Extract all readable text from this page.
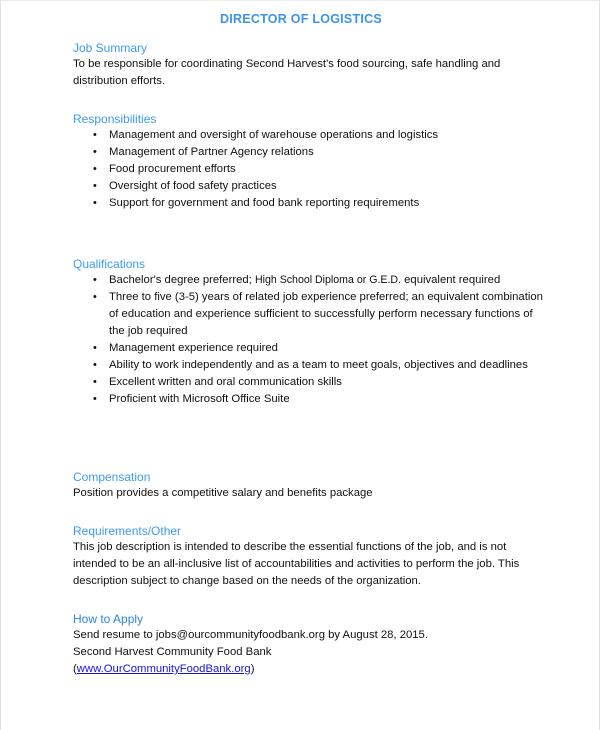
DIRECTOR OF LOGISTICS
Job Summary

To be responsible for coordinating Second Harvest's food sourcing, safe handling and distribution efforts.

Responsibilities
• Management and oversight of warehouse operations and logistics
• Management of Partner Agency relations
• Food procurement efforts
• Oversight of food safety practices
• Support for government and food bank reporting requirements
Qualifications
• Bachelor's degree preferred; High School Diploma or G.E.D. equivalent required
• Three to five (3-5) years of related job experience preferred; an equivalent combination of education and experience sufficient to successfully perform necessary functions of the job required
• Management experience required
• Ability to work independently and as a team to meet goals, objectives and deadlines
• Excellent written and oral communication skills
• Proficient with Microsoft Office Suite
Compensation

Position provides a competitive salary and benefits package

Requirements/Other

This job description is intended to describe the essential functions of the job, and is not intended to be an all-inclusive list of accountabilities and activities to perform the job. This description subject to change based on the needs of the organization.

How to Apply

Send resume to jobs@ourcommunityfoodbank.org by August 28, 2015.

Second Harvest Community Food Bank

(www.OurCommunityFoodBank.org)
